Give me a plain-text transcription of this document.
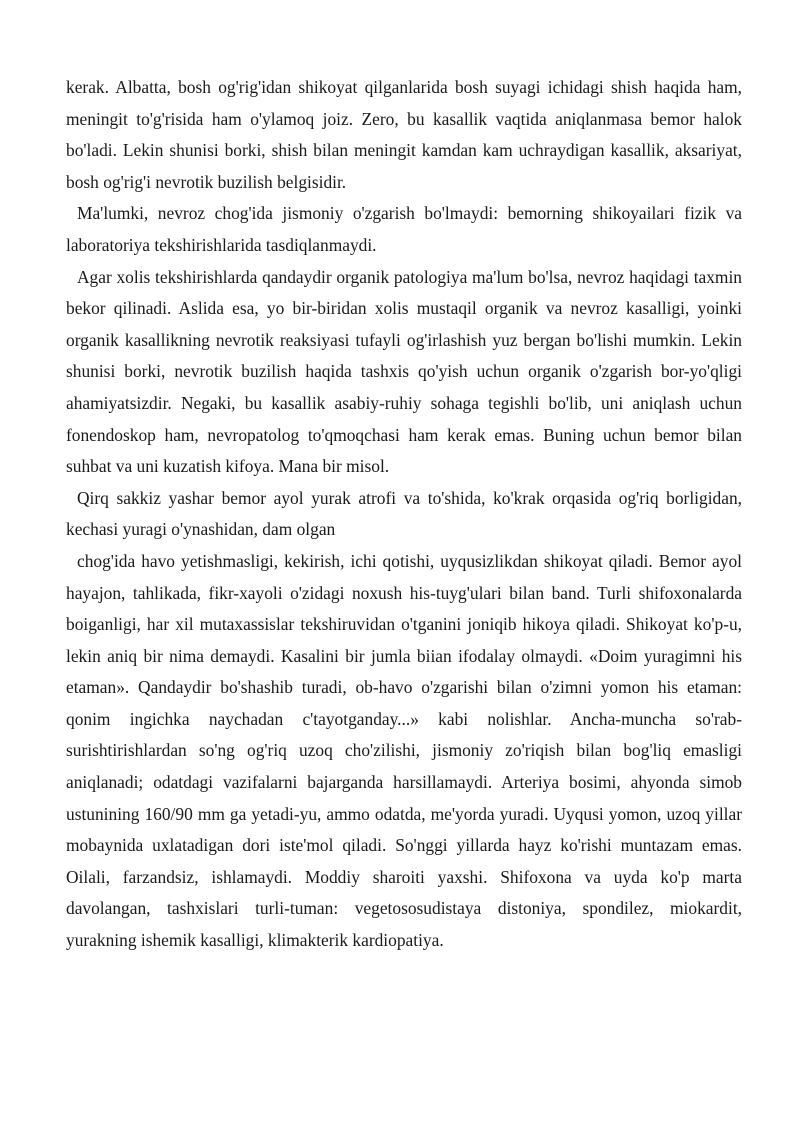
kerak. Albatta, bosh og'rig'idan shikoyat qilganlarida bosh suyagi ichidagi shish haqida ham, meningit to'g'risida ham o'ylamoq joiz. Zero, bu kasallik vaqtida aniqlanmasa bemor halok bo'ladi. Lekin shunisi borki, shish bilan meningit kamdan kam uchraydigan kasallik, aksariyat, bosh og'rig'i nevrotik buzilish belgisidir.

Ma'lumki, nevroz chog'ida jismoniy o'zgarish bo'lmaydi: bemorning shikoyailari fizik va laboratoriya tekshirishlarida tasdiqlanmaydi.

Agar xolis tekshirishlarda qandaydir organik patologiya ma'lum bo'lsa, nevroz haqidagi taxmin bekor qilinadi. Aslida esa, yo bir-biridan xolis mustaqil organik va nevroz kasalligi, yoinki organik kasallikning nevrotik reaksiyasi tufayli og'irlashish yuz bergan bo'lishi mumkin. Lekin shunisi borki, nevrotik buzilish haqida tashxis qo'yish uchun organik o'zgarish bor-yo'qligi ahamiyatsizdir. Negaki, bu kasallik asabiy-ruhiy sohaga tegishli bo'lib, uni aniqlash uchun fonendoskop ham, nevropatolog to'qmoqchasi ham kerak emas. Buning uchun bemor bilan suhbat va uni kuzatish kifoya. Mana bir misol.

Qirq sakkiz yashar bemor ayol yurak atrofi va to'shida, ko'krak orqasida og'riq borligidan, kechasi yuragi o'ynashidan, dam olgan

chog'ida havo yetishmasligi, kekirish, ichi qotishi, uyqusizlikdan shikoyat qiladi. Bemor ayol hayajon, tahlikada, fikr-xayoli o'zidagi noxush his-tuyg'ulari bilan band. Turli shifoxonalarda boiganligi, har xil mutaxassislar tekshiruvidan o'tganini joniqib hikoya qiladi. Shikoyat ko'p-u, lekin aniq bir nima demaydi. Kasalini bir jumla biian ifodalay olmaydi. «Doim yuragimni his etaman». Qandaydir bo'shashib turadi, ob-havo o'zgarishi bilan o'zimni yomon his etaman: qonim ingichka naychadan c'tayotganday...» kabi nolishlar. Ancha-muncha so'rab-surishtirishlardan so'ng og'riq uzoq cho'zilishi, jismoniy zo'riqish bilan bog'liq emasligi aniqlanadi; odatdagi vazifalarni bajarganda harsillamaydi. Arteriya bosimi, ahyonda simob ustunining 160/90 mm ga yetadi-yu, ammo odatda, me'yorda yuradi. Uyqusi yomon, uzoq yillar mobaynida uxlatadigan dori iste'mol qiladi. So'nggi yillarda hayz ko'rishi muntazam emas. Oilali, farzandsiz, ishlamaydi. Moddiy sharoiti yaxshi. Shifoxona va uyda ko'p marta davolangan, tashxislari turli-tuman: vegetososudistaya distoniya, spondilez, miokardit, yurakning ishemik kasalligi, klimakterik kardiopatiya.
